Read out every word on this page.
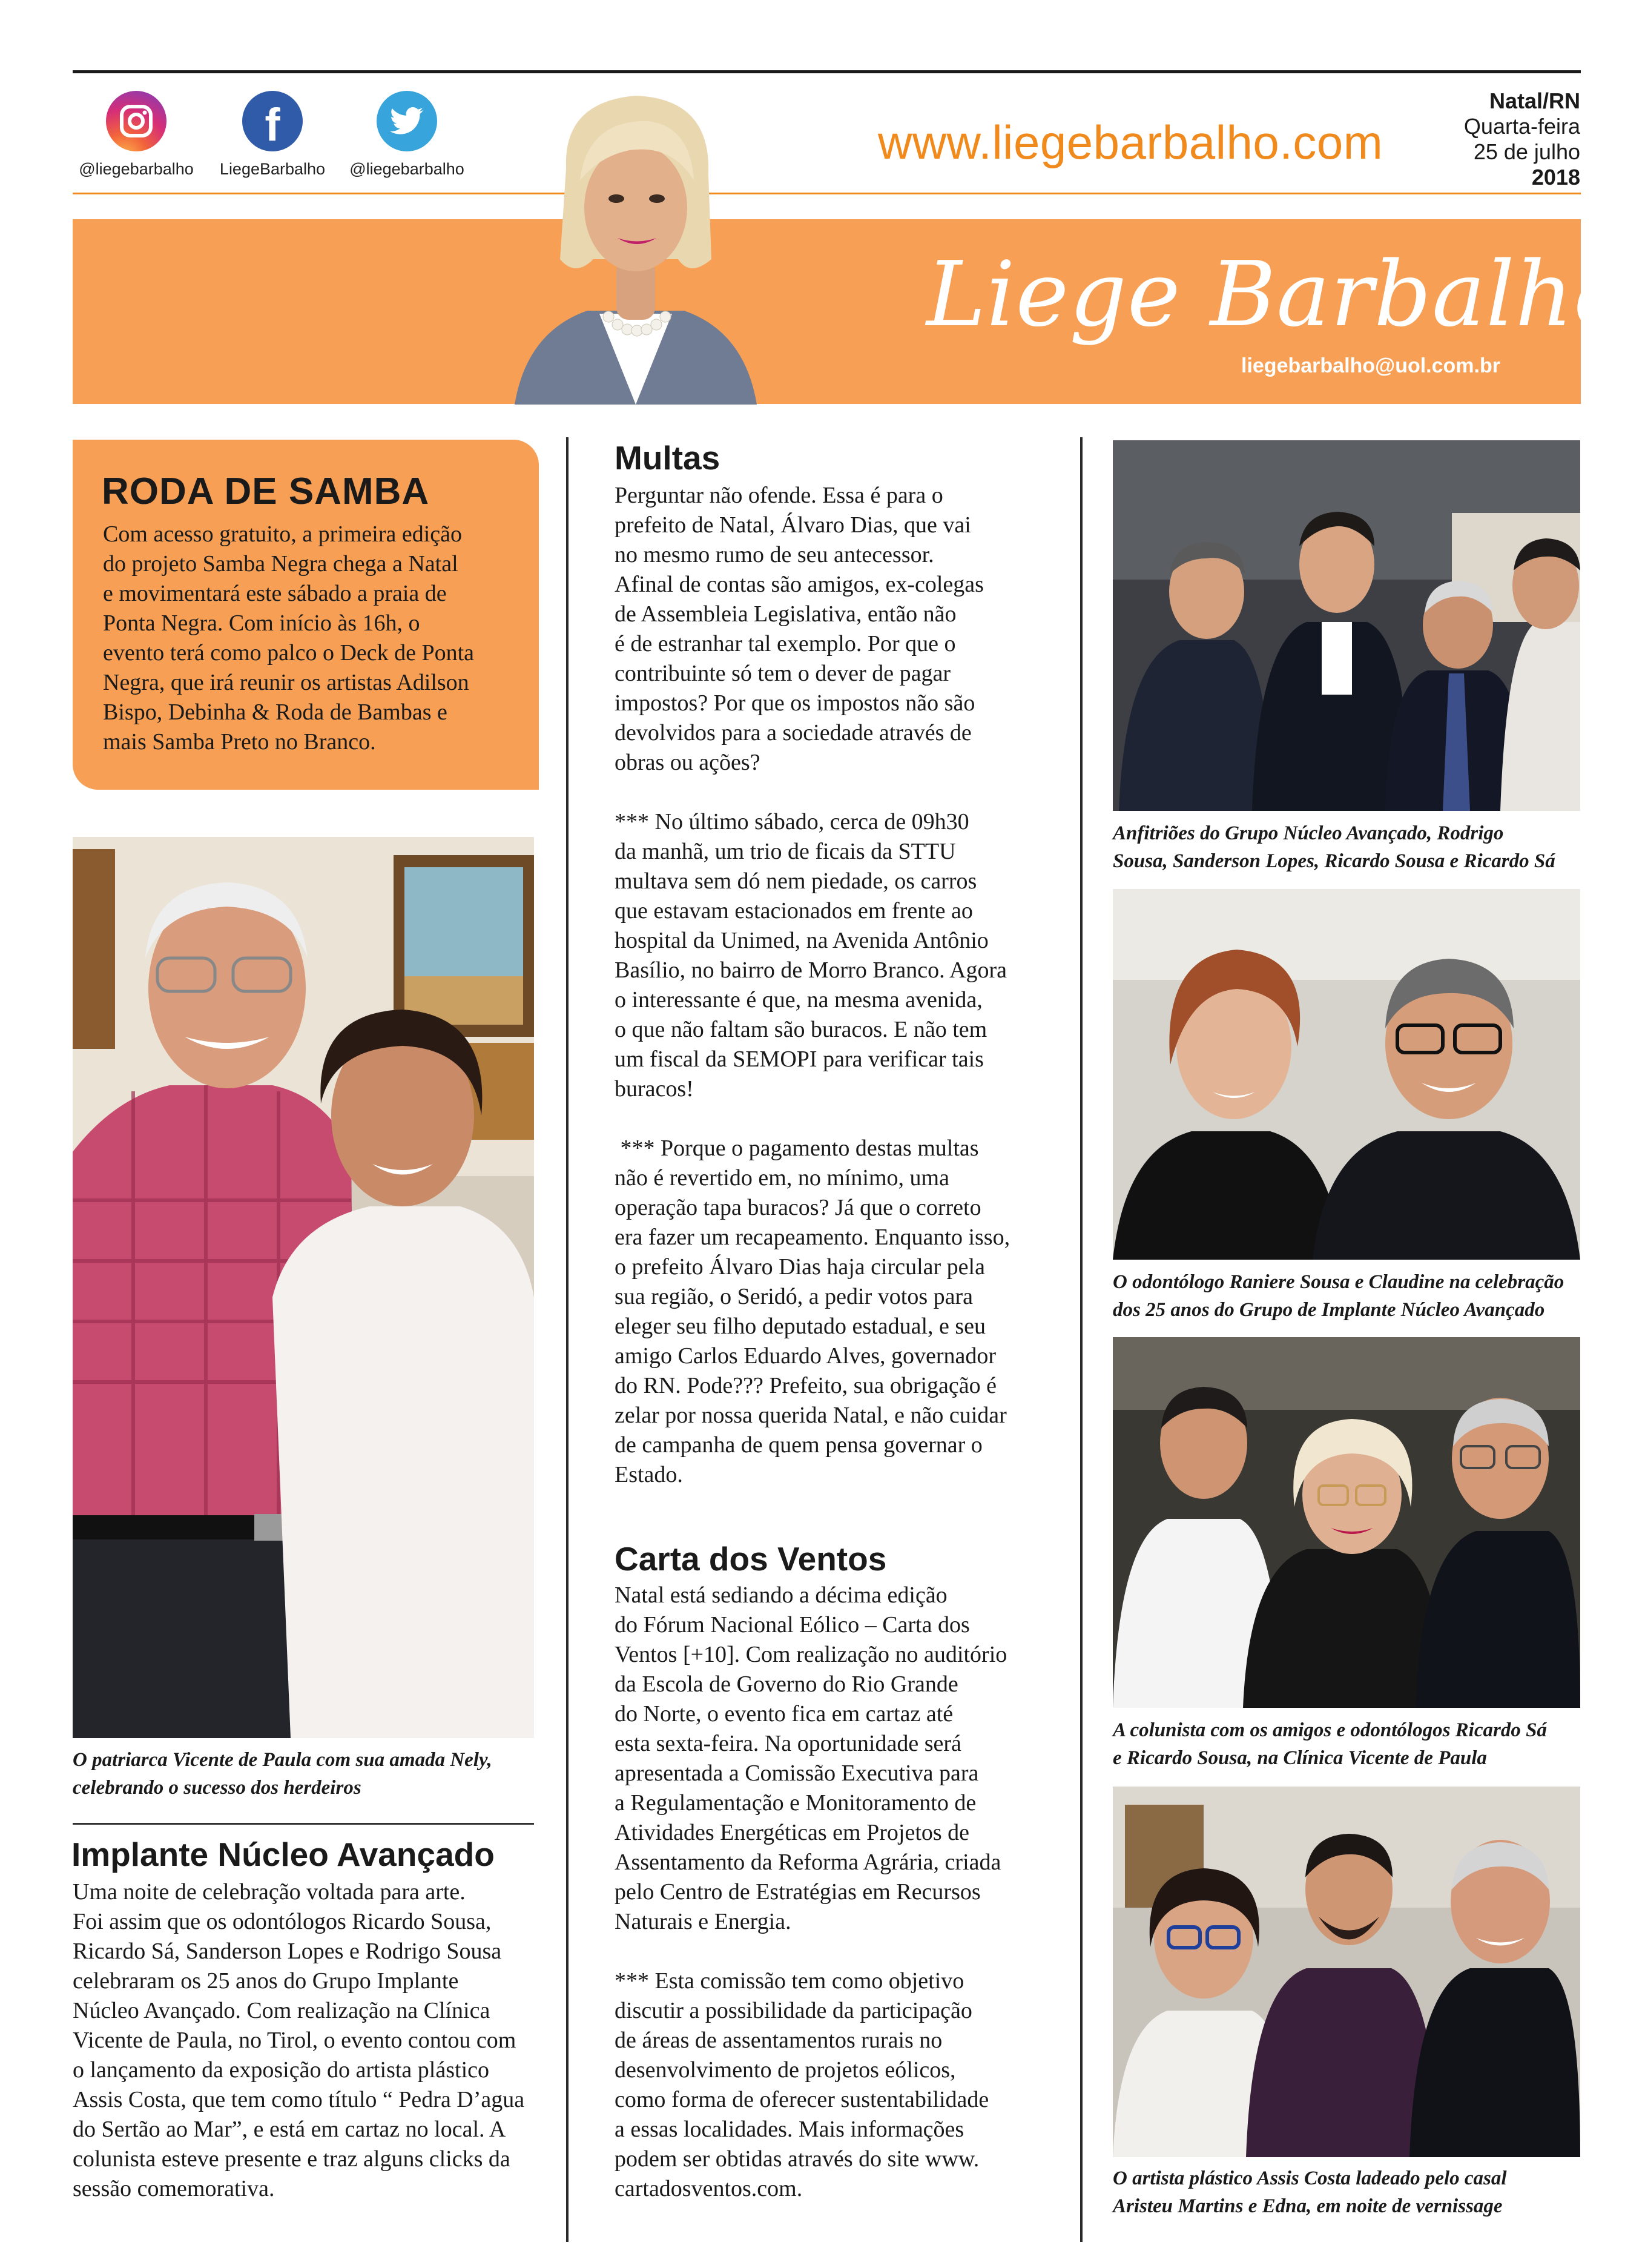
@liegebarbalho
f
LiegeBarbalho	@liegebarbalho	www.liegebarbalho.com
Natal/RN
Quarta-feira
25 de julho
2018
Liege Barbalho
liegebarbalho@uol.com.br
RODA DE SAMBA
Com acesso gratuito, a primeira edição
do projeto Samba Negra chega a Natal
e movimentará este sábado a praia de
Ponta Negra. Com início às 16h, o
evento terá como palco o Deck de Ponta
Negra, que irá reunir os artistas Adilson
Bispo, Debinha & Roda de Bambas e
mais Samba Preto no Branco.
O patriarca Vicente de Paula com sua amada Nely,
celebrando o sucesso dos herdeiros
Implante Núcleo Avançado
Uma noite de celebração voltada para arte.
Foi assim que os odontólogos Ricardo Sousa,
Ricardo Sá, Sanderson Lopes e Rodrigo Sousa
celebraram os 25 anos do Grupo Implante
Núcleo Avançado. Com realização na Clínica
Vicente de Paula, no Tirol, o evento contou com
o lançamento da exposição do artista plástico
Assis Costa, que tem como título “ Pedra D’agua
do Sertão ao Mar”, e está em cartaz no local. A
colunista esteve presente e traz alguns clicks da
sessão comemorativa.
Multas
Perguntar não ofende. Essa é para o
prefeito de Natal, Álvaro Dias, que vai
no mesmo rumo de seu antecessor.
Afinal de contas são amigos, ex-colegas
de Assembleia Legislativa, então não
é de estranhar tal exemplo. Por que o
contribuinte só tem o dever de pagar
impostos? Por que os impostos não são
devolvidos para a sociedade através de
obras ou ações?
*** No último sábado, cerca de 09h30
da manhã, um trio de ficais da STTU
multava sem dó nem piedade, os carros
que estavam estacionados em frente ao
hospital da Unimed, na Avenida Antônio
Basílio, no bairro de Morro Branco. Agora
o interessante é que, na mesma avenida,
o que não faltam são buracos. E não tem
um fiscal da SEMOPI para verificar tais
buracos!
*** Porque o pagamento destas multas
não é revertido em, no mínimo, uma
operação tapa buracos? Já que o correto
era fazer um recapeamento. Enquanto isso,
o prefeito Álvaro Dias haja circular pela
sua região, o Seridó, a pedir votos para
eleger seu filho deputado estadual, e seu
amigo Carlos Eduardo Alves, governador
do RN. Pode??? Prefeito, sua obrigação é
zelar por nossa querida Natal, e não cuidar
de campanha de quem pensa governar o
Estado.
Carta dos Ventos
Natal está sediando a décima edição
do Fórum Nacional Eólico – Carta dos
Ventos [+10]. Com realização no auditório
da Escola de Governo do Rio Grande
do Norte, o evento fica em cartaz até
esta sexta-feira. Na oportunidade será
apresentada a Comissão Executiva para
a Regulamentação e Monitoramento de
Atividades Energéticas em Projetos de
Assentamento da Reforma Agrária, criada
pelo Centro de Estratégias em Recursos
Naturais e Energia.
*** Esta comissão tem como objetivo
discutir a possibilidade da participação
de áreas de assentamentos rurais no
desenvolvimento de projetos eólicos,
como forma de oferecer sustentabilidade
a essas localidades. Mais informações
podem ser obtidas através do site www.
cartadosventos.com.
Anfitriões do Grupo Núcleo Avançado, Rodrigo
Sousa, Sanderson Lopes, Ricardo Sousa e Ricardo Sá
O odontólogo Raniere Sousa e Claudine na celebração
dos 25 anos do Grupo de Implante Núcleo Avançado
A colunista com os amigos e odontólogos Ricardo Sá
e Ricardo Sousa, na Clínica Vicente de Paula
O artista plástico Assis Costa ladeado pelo casal
Aristeu Martins e Edna, em noite de vernissage
